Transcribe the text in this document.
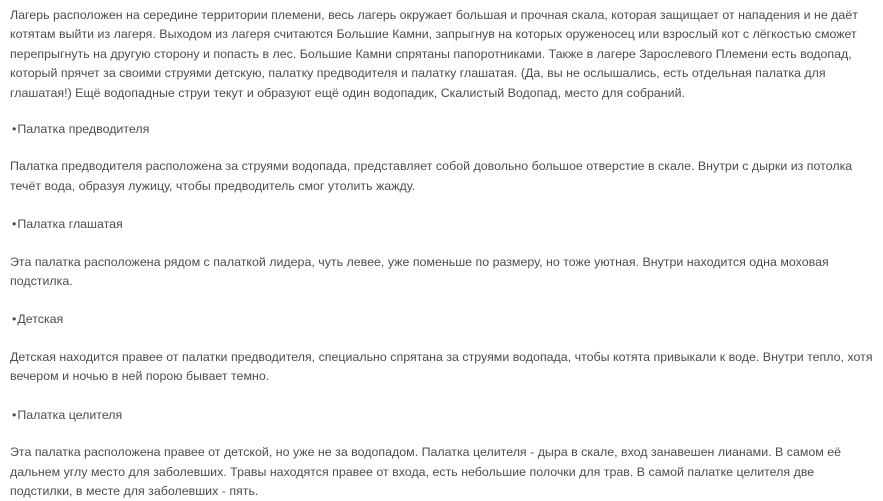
Лагерь расположен на середине территории племени, весь лагерь окружает большая и прочная скала, которая защищает от нападения и не даёт котятам выйти из лагеря. Выходом из лагеря считаются Большие Камни, запрыгнув на которых оруженосец или взрослый кот с лёгкостью сможет перепрыгнуть на другую сторону и попасть в лес. Большие Камни спрятаны папоротниками. Также в лагере Зарослевого Племени есть водопад, который прячет за своими струями детскую, палатку предводителя и палатку глашатая. (Да, вы не ослышались, есть отдельная палатка для глашатая!) Ещё водопадные струи текут и образуют ещё один водопадик, Скалистый Водопад, место для собраний.

•Палатка предводителя

Палатка предводителя расположена за струями водопада, представляет собой довольно большое отверстие в скале. Внутри с дырки из потолка течёт вода, образуя лужицу, чтобы предводитель смог утолить жажду.

•Палатка глашатая

Эта палатка расположена рядом с палаткой лидера, чуть левее, уже поменьше по размеру, но тоже уютная. Внутри находится одна моховая подстилка.

•Детская

Детская находится правее от палатки предводителя, специально спрятана за струями водопада, чтобы котята привыкали к воде. Внутри тепло, хотя вечером и ночью в ней порою бывает темно.

•Палатка целителя

Эта палатка расположена правее от детской, но уже не за водопадом. Палатка целителя - дыра в скале, вход занавешен лианами. В самом её дальнем углу место для заболевших. Травы находятся правее от входа, есть небольшие полочки для трав. В самой палатке целителя две подстилки, в месте для заболевших - пять.
